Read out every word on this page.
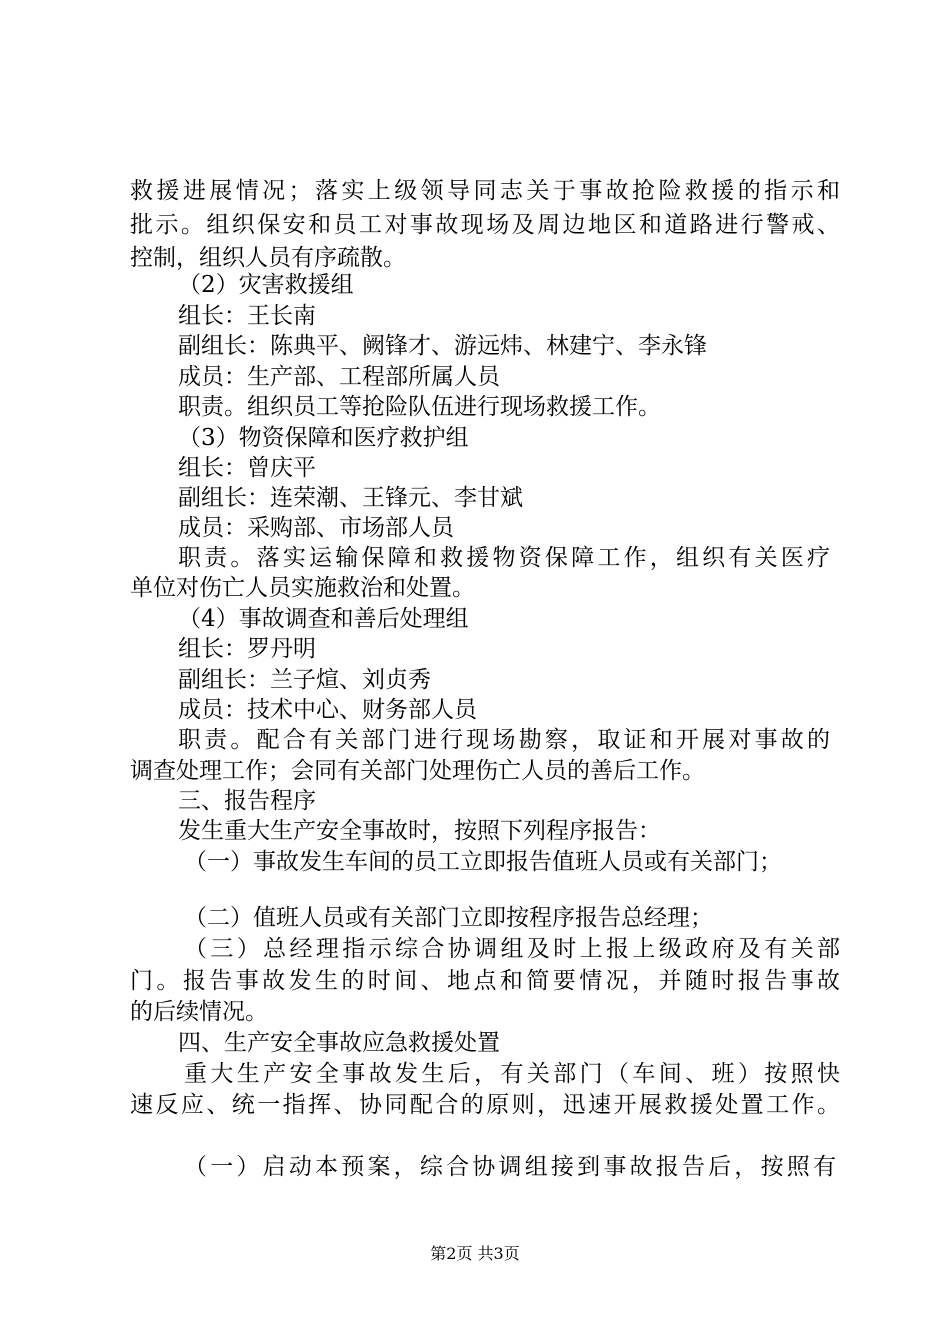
救援进展情况；落实上级领导同志关于事故抢险救援的指示和
批示。组织保安和员工对事故现场及周边地区和道路进行警戒、
控制，组织人员有序疏散。
（2）灾害救援组
组长：王长南
副组长：陈典平、阙锋才、游远炜、林建宁、李永锋
成员：生产部、工程部所属人员
职责。组织员工等抢险队伍进行现场救援工作。
（3）物资保障和医疗救护组
组长：曾庆平
副组长：连荣潮、王锋元、李甘斌
成员：采购部、市场部人员
职责。落实运输保障和救援物资保障工作，组织有关医疗
单位对伤亡人员实施救治和处置。
（4）事故调查和善后处理组
组长：罗丹明
副组长：兰子煊、刘贞秀
成员：技术中心、财务部人员
职责。配合有关部门进行现场勘察，取证和开展对事故的
调查处理工作；会同有关部门处理伤亡人员的善后工作。
三、报告程序
发生重大生产安全事故时，按照下列程序报告：
（一）事故发生车间的员工立即报告值班人员或有关部门；
（二）值班人员或有关部门立即按程序报告总经理；
（三）总经理指示综合协调组及时上报上级政府及有关部
门。报告事故发生的时间、地点和简要情况，并随时报告事故
的后续情况。
四、生产安全事故应急救援处置
重大生产安全事故发生后，有关部门（车间、班）按照快
速反应、统一指挥、协同配合的原则，迅速开展救援处置工作。
（一）启动本预案，综合协调组接到事故报告后，按照有
第2页 共3页
